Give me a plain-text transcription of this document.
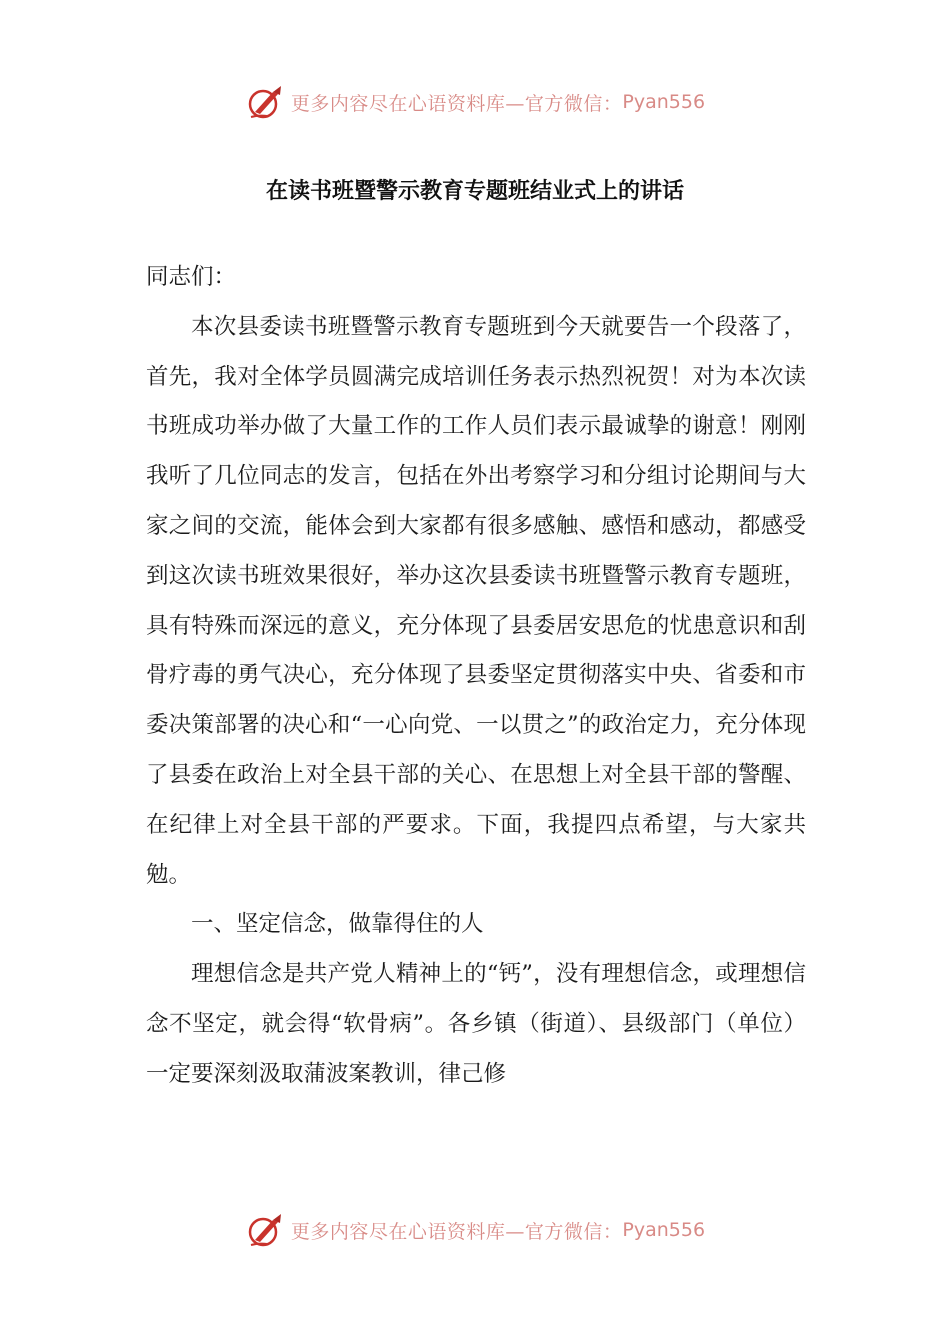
更多内容尽在心语资料库—官方微信： Pyan556
在读书班暨警示教育专题班结业式上的讲话

同志们：

本次县委读书班暨警示教育专题班到今天就要告一个段落了，首先，我对全体学员圆满完成培训任务表示热烈祝贺！对为本次读书班成功举办做了大量工作的工作人员们表示最诚挚的谢意！刚刚我听了几位同志的发言，包括在外出考察学习和分组讨论期间与大家之间的交流，能体会到大家都有很多感触、感悟和感动，都感受到这次读书班效果很好，举办这次县委读书班暨警示教育专题班，具有特殊而深远的意义，充分体现了县委居安思危的忧患意识和刮骨疗毒的勇气决心，充分体现了县委坚定贯彻落实中央、省委和市委决策部署的决心和“一心向党、一以贯之”的政治定力，充分体现了县委在政治上对全县干部的关心、在思想上对全县干部的警醒、在纪律上对全县干部的严要求。下面，我提四点希望，与大家共勉。

一、坚定信念，做靠得住的人

理想信念是共产党人精神上的“钙”，没有理想信念，或理想信念不坚定，就会得“软骨病”。各乡镇（街道）、县级部门（单位）一定要深刻汲取蒲波案教训，律己修

更多内容尽在心语资料库—官方微信： Pyan556
